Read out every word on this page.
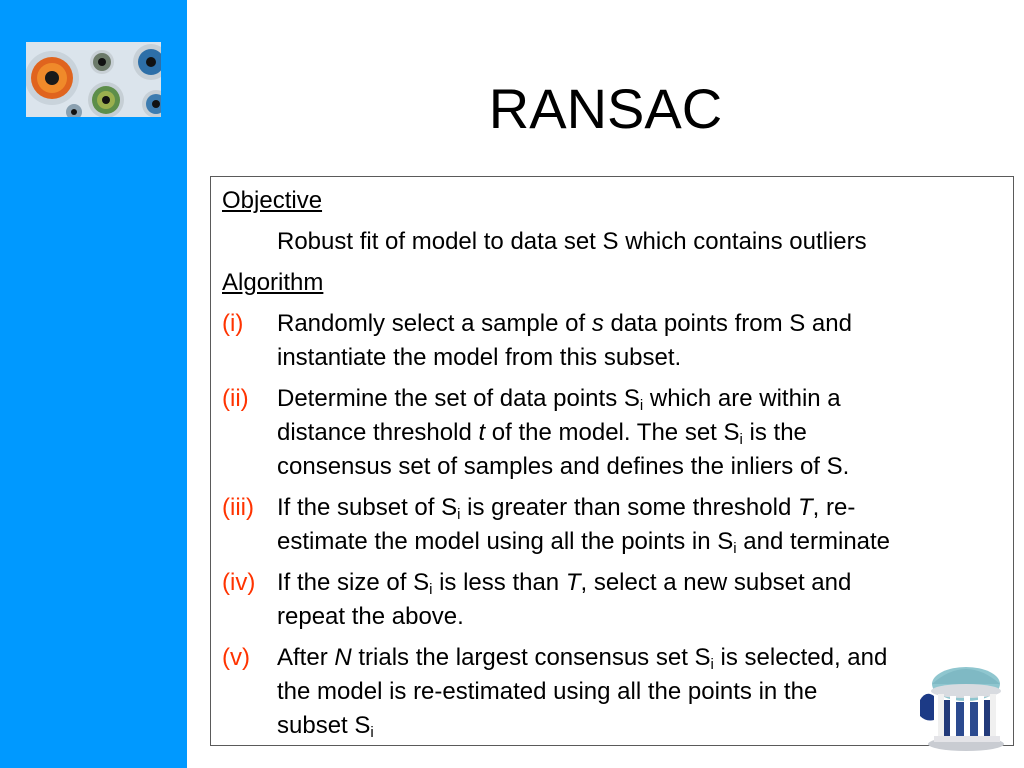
RANSAC
Objective
Robust fit of model to data set S which contains outliers
Algorithm
(i) Randomly select a sample of s data points from S and
instantiate the model from this subset.
(ii) Determine the set of data points $S_i$ which are within a
distance threshold t of the model. The set $S_i$ is the
consensus set of samples and defines the inliers of S.
(iii) If the subset of $S_i$ is greater than some threshold T, re-
estimate the model using all the points in $S_i$ and terminate
(iv) If the size of $S_i$ is less than T, select a new subset and
repeat the above.
(v) After N trials the largest consensus set $S_i$ is selected, and
the model is re-estimated using all the points in the
subset $S_i$
